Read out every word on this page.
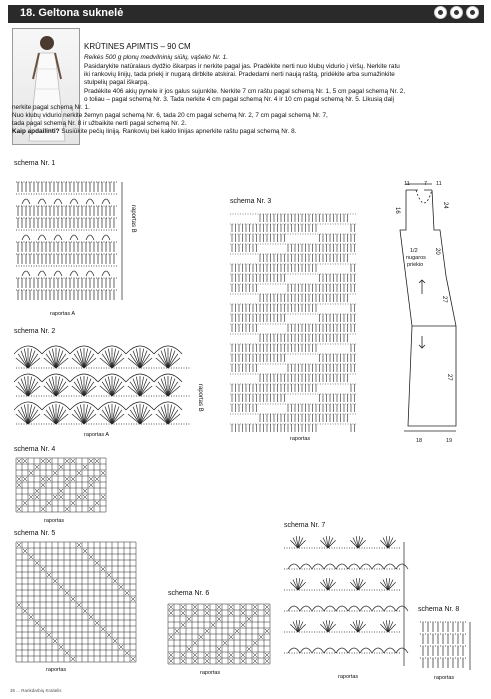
18. Geltona suknelė
KRŪTINES APIMTIS – 90 CM
Reikės 500 g plonų medvilninių siūlų, vąšelio Nr. 1.
Pasidarykite natūralaus dydžio iškarpas ir nerkite pagal jas. Pradėkite nerti nuo klubų vidurio į viršų. Nerkite ratu
iki rankovių linijų, tada priekį ir nugarą dirbkite atskirai. Pradedami nerti naują raštą, pridėkite arba sumažinkite
stulpelių pagal iškarpą.
Pradėkite 406 akių pynele ir jos galus sujunkite. Nerkite 7 cm raštu pagal schemą Nr. 1, 5 cm pagal schemą Nr. 2,
o toliau – pagal schemą Nr. 3. Tada nerkite 4 cm pagal schemą Nr. 4 ir 10 cm pagal schemą Nr. 5. Likusią dalį
nerkite pagal schemą Nr. 1.
Nuo klubų vidurio nerkite žemyn pagal schemą Nr. 6, tada 20 cm pagal schemą Nr. 2, 7 cm pagal schemą Nr. 7,
tada pagal schemą Nr. 8 ir užbaikite nerti pagal schemą Nr. 2.
Kaip apdailinti? Susiūkite pečių liniją. Rankovių bei kaklo linijas apnerkite raštu pagal schemą Nr. 8.
schema Nr. 1
schema Nr. 3
schema Nr. 2
schema Nr. 4
schema Nr. 5
schema Nr. 6
schema Nr. 7
schema Nr. 8
raportas A
raportas B
raportas A
raportas B
raportas
raportas
raportas	raportas
raportas	raportas
11	7 11
16
24
20
27
27
1/2
nugaros
priekio
18	19
36 ... Rankdarbių Kraitelis
